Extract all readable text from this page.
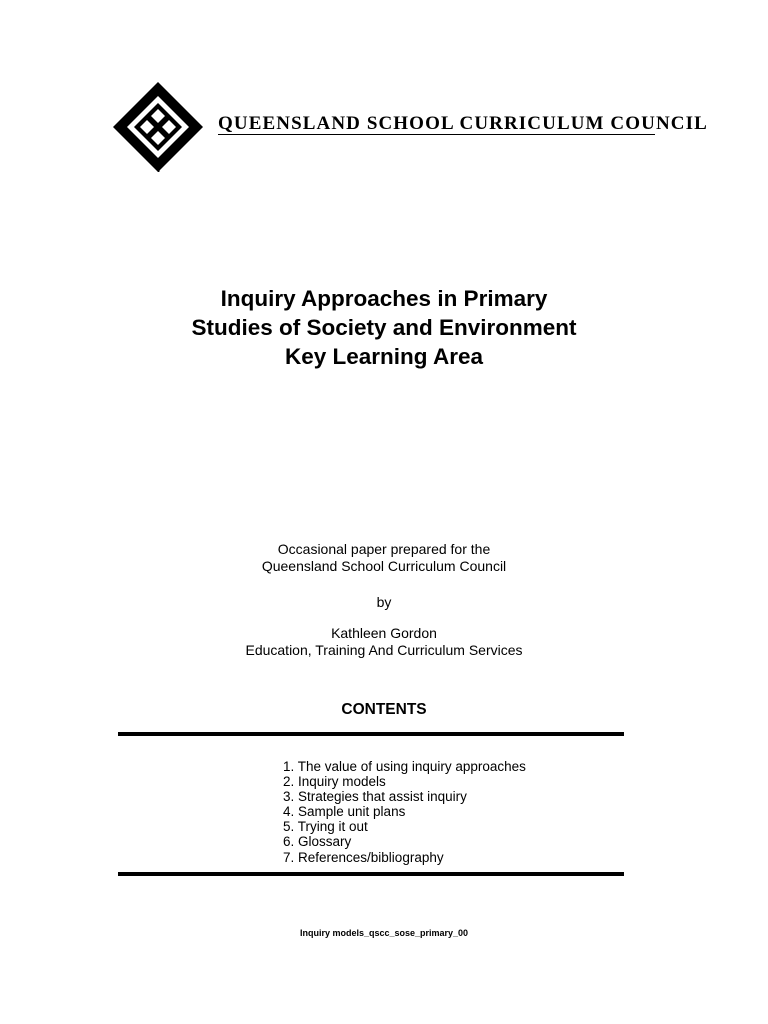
QUEENSLAND SCHOOL CURRICULUM COUNCIL
Inquiry Approaches in Primary
Studies of Society and Environment
Key Learning Area
Occasional paper prepared for the
Queensland School Curriculum Council
by
Kathleen Gordon
Education, Training And Curriculum Services
CONTENTS
1. The value of using inquiry approaches
2. Inquiry models
3. Strategies that assist inquiry
4. Sample unit plans
5. Trying it out
6. Glossary
7. References/bibliography
Inquiry models_qscc_sose_primary_00
